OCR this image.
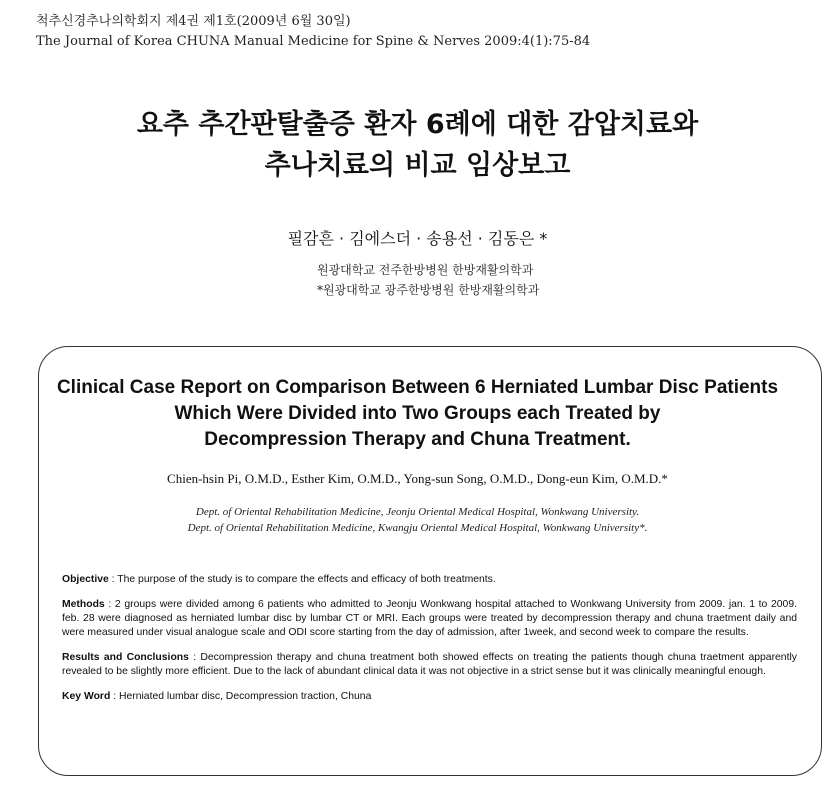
척추신경추나의학회지 제4권 제1호(2009년 6월 30일)
The Journal of Korea CHUNA Manual Medicine for Spine & Nerves 2009:4(1):75-84
요추 추간판탈출증 환자 6례에 대한 감압치료와
추나치료의 비교 임상보고
필감흔 · 김에스더 · 송용선 · 김동은 *
원광대학교 전주한방병원 한방재활의학과
*원광대학교 광주한방병원 한방재활의학과
Clinical Case Report on Comparison Between 6 Herniated Lumbar Disc Patients
Which Were Divided into Two Groups each Treated by
Decompression Therapy and Chuna Treatment.
Chien-hsin Pi, O.M.D., Esther Kim, O.M.D., Yong-sun Song, O.M.D., Dong-eun Kim, O.M.D.*
Dept. of Oriental Rehabilitation Medicine, Jeonju Oriental Medical Hospital, Wonkwang University.
Dept. of Oriental Rehabilitation Medicine, Kwangju Oriental Medical Hospital, Wonkwang University*.

Objective : The purpose of the study is to compare the effects and efficacy of both treatments.

Methods : 2 groups were divided among 6 patients who admitted to Jeonju Wonkwang hospital attached to Wonkwang University from 2009. jan. 1 to 2009. feb. 28 were diagnosed as herniated lumbar disc by lumbar CT or MRI. Each groups were treated by decompression therapy and chuna traetment daily and were measured under visual analogue scale and ODI score starting from the day of admission, after 1week, and second week to compare the results.

Results and Conclusions : Decompression therapy and chuna treatment both showed effects on treating the patients though chuna traetment apparently revealed to be slightly more efficient. Due to the lack of abundant clinical data it was not objective in a strict sense but it was clinically meaningful enough.

Key Word : Herniated lumbar disc, Decompression traction, Chuna
